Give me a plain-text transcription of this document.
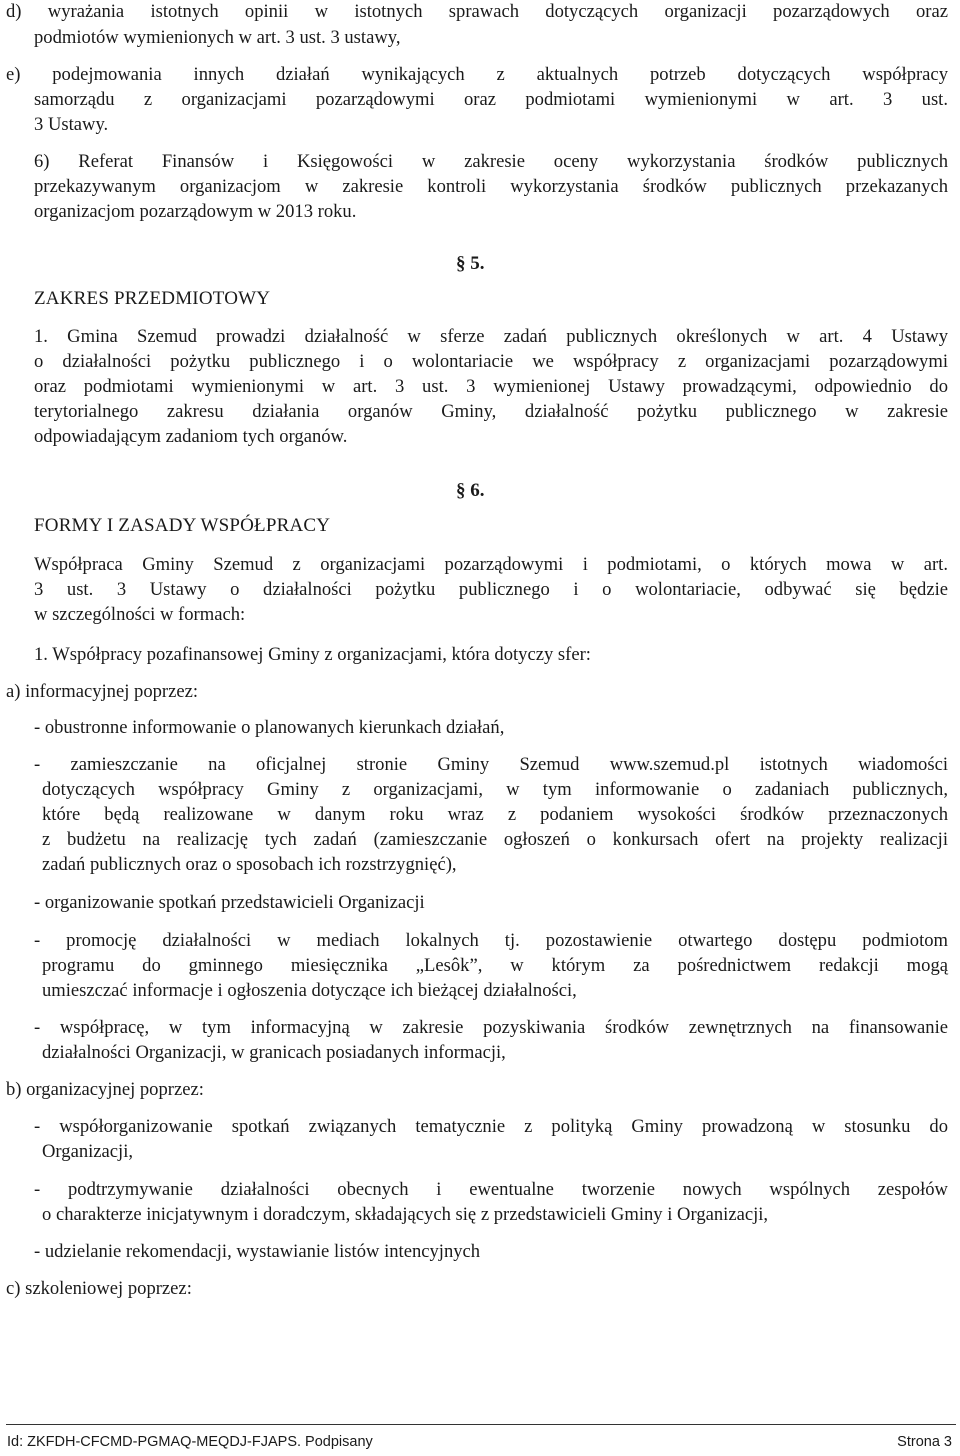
d) wyrażania istotnych opinii w istotnych sprawach dotyczących organizacji pozarządowych oraz
podmiotów wymienionych w art. 3 ust. 3 ustawy,
e) podejmowania innych działań wynikających z aktualnych potrzeb dotyczących współpracy
samorządu z organizacjami pozarządowymi oraz podmiotami wymienionymi w art. 3 ust.
3 Ustawy.
6) Referat Finansów i Księgowości w zakresie oceny wykorzystania środków publicznych
przekazywanym organizacjom w zakresie kontroli wykorzystania środków publicznych przekazanych
organizacjom pozarządowym w 2013 roku.
§ 5.
ZAKRES PRZEDMIOTOWY
1. Gmina Szemud prowadzi działalność w sferze zadań publicznych określonych w art. 4 Ustawy
o działalności pożytku publicznego i o wolontariacie we współpracy z organizacjami pozarządowymi
oraz podmiotami wymienionymi w art. 3 ust. 3 wymienionej Ustawy prowadzącymi, odpowiednio do
terytorialnego zakresu działania organów Gminy, działalność pożytku publicznego w zakresie
odpowiadającym zadaniom tych organów.
§ 6.
FORMY I ZASADY WSPÓŁPRACY
Współpraca Gminy Szemud z organizacjami pozarządowymi i podmiotami, o których mowa w art.
3 ust. 3 Ustawy o działalności pożytku publicznego i o wolontariacie, odbywać się będzie
w szczególności w formach:
1. Współpracy pozafinansowej Gminy z organizacjami, która dotyczy sfer:
a) informacyjnej poprzez:
- obustronne informowanie o planowanych kierunkach działań,
- zamieszczanie na oficjalnej stronie Gminy Szemud www.szemud.pl istotnych wiadomości
dotyczących współpracy Gminy z organizacjami, w tym informowanie o zadaniach publicznych,
które będą realizowane w danym roku wraz z podaniem wysokości środków przeznaczonych
z budżetu na realizację tych zadań (zamieszczanie ogłoszeń o konkursach ofert na projekty realizacji
zadań publicznych oraz o sposobach ich rozstrzygnięć),
- organizowanie spotkań przedstawicieli Organizacji
- promocję działalności w mediach lokalnych tj. pozostawienie otwartego dostępu podmiotom
programu do gminnego miesięcznika „Lesôk”, w którym za pośrednictwem redakcji mogą
umieszczać informacje i ogłoszenia dotyczące ich bieżącej działalności,
- współpracę, w tym informacyjną w zakresie pozyskiwania środków zewnętrznych na finansowanie
działalności Organizacji, w granicach posiadanych informacji,
b) organizacyjnej poprzez:
- współorganizowanie spotkań związanych tematycznie z polityką Gminy prowadzoną w stosunku do
Organizacji,
- podtrzymywanie działalności obecnych i ewentualne tworzenie nowych wspólnych zespołów
o charakterze inicjatywnym i doradczym, składających się z przedstawicieli Gminy i Organizacji,
- udzielanie rekomendacji, wystawianie listów intencyjnych
c) szkoleniowej poprzez:
Id: ZKFDH-CFCMD-PGMAQ-MEQDJ-FJAPS. Podpisany	Strona 3
